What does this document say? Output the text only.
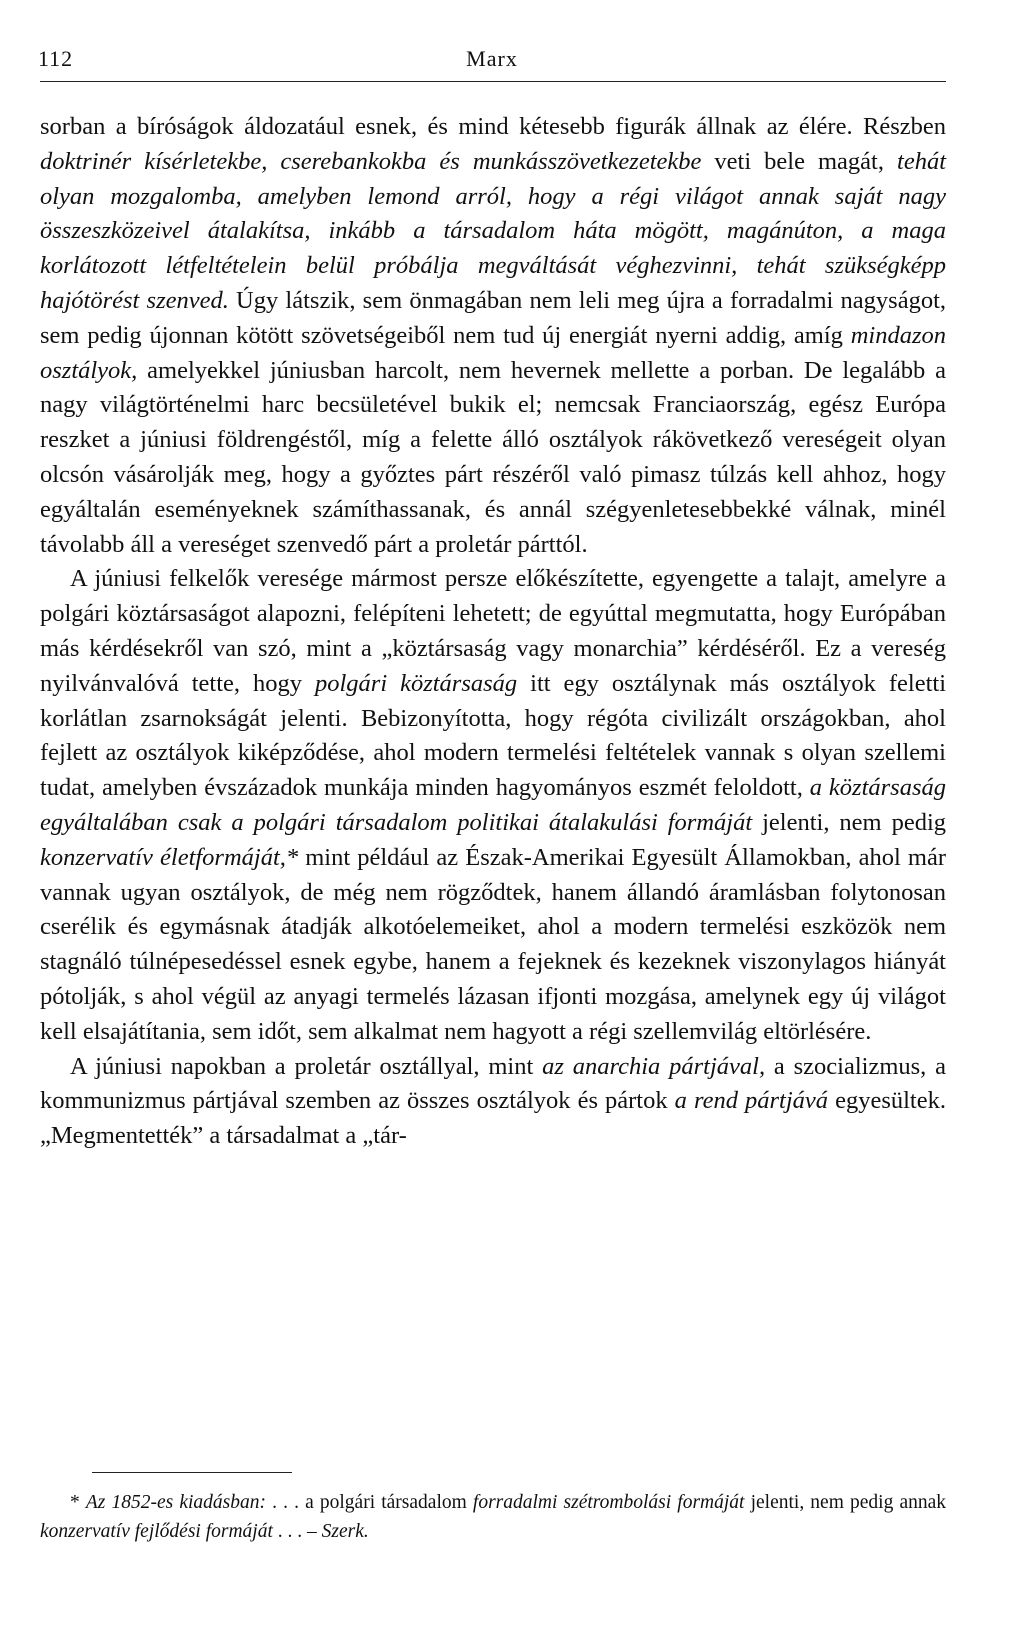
112	Marx

sorban a bíróságok áldozatául esnek, és mind kétesebb figurák állnak az élére. Részben doktrinér kísérletekbe, cserebankokba és munkásszövetkezetekbe veti bele magát, tehát olyan mozgalomba, amelyben lemond arról, hogy a régi világot annak saját nagy összeszközeivel átalakítsa, inkább a társadalom háta mögött, magánúton, a maga korlátozott létfeltételein belül próbálja megváltását véghezvinni, tehát szükségképp hajótörést szenved. Úgy látszik, sem önmagában nem leli meg újra a forradalmi nagyságot, sem pedig újonnan kötött szövetségeiből nem tud új energiát nyerni addig, amíg mindazon osztályok, amelyekkel júniusban harcolt, nem hevernek mellette a porban. De legalább a nagy világtörténelmi harc becsületével bukik el; nemcsak Franciaország, egész Európa reszket a júniusi földrengéstől, míg a felette álló osztályok rákövetkező vereségeit olyan olcsón vásárolják meg, hogy a győztes párt részéről való pimasz túlzás kell ahhoz, hogy egyáltalán eseményeknek számíthassanak, és annál szégyenletesebbekké válnak, minél távolabb áll a vereséget szenvedő párt a proletár párttól.

A júniusi felkelők veresége mármost persze előkészítette, egyengette a talajt, amelyre a polgári köztársaságot alapozni, felépíteni lehetett; de egyúttal megmutatta, hogy Európában más kérdésekről van szó, mint a „köztársaság vagy monarchia” kérdéséről. Ez a vereség nyilvánvalóvá tette, hogy polgári köztársaság itt egy osztálynak más osztályok feletti korlátlan zsarnokságát jelenti. Bebizonyította, hogy régóta civilizált országokban, ahol fejlett az osztályok kiképződése, ahol modern termelési feltételek vannak s olyan szellemi tudat, amelyben évszázadok munkája minden hagyományos eszmét feloldott, a köztársaság egyáltalában csak a polgári társadalom politikai átalakulási formáját jelenti, nem pedig konzervatív életformáját,* mint például az Észak-Amerikai Egyesült Államokban, ahol már vannak ugyan osztályok, de még nem rögződtek, hanem állandó áramlásban folytonosan cserélik és egymásnak átadják alkotóelemeiket, ahol a modern termelési eszközök nem stagnáló túlnépesedéssel esnek egybe, hanem a fejeknek és kezeknek viszonylagos hiányát pótolják, s ahol végül az anyagi termelés lázasan ifjonti mozgása, amelynek egy új világot kell elsajátítania, sem időt, sem alkalmat nem hagyott a régi szellemvilág eltörlésére.

A júniusi napokban a proletár osztállyal, mint az anarchia pártjával, a szocializmus, a kommunizmus pártjával szemben az összes osztályok és pártok a rend pártjává egyesültek. „Megmentették” a társadalmat a „tár-

* Az 1852-es kiadásban: . . . a polgári társadalom forradalmi szétrombolási formáját jelenti, nem pedig annak konzervatív fejlődési formáját . . . – Szerk.
